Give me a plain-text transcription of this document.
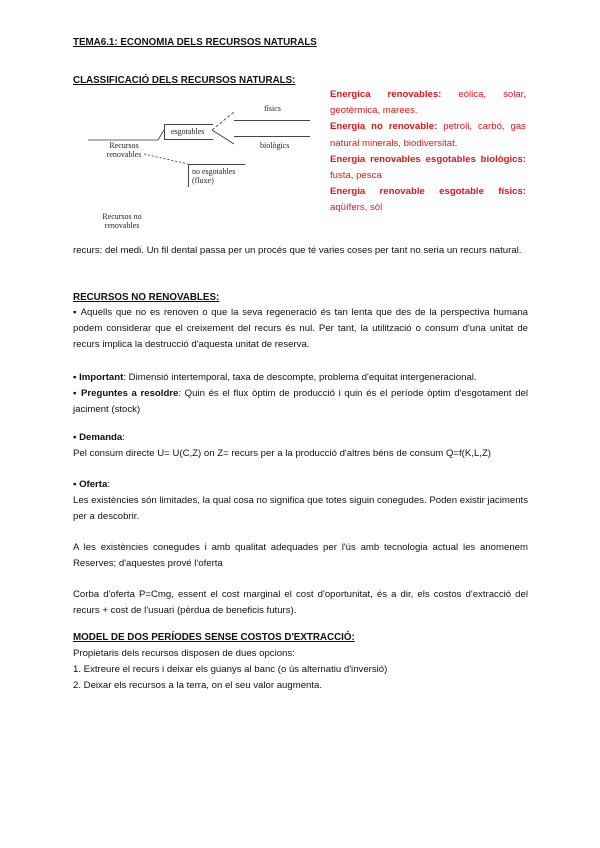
TEMA6.1: ECONOMIA DELS RECURSOS NATURALS
CLASSIFICACIÓ DELS RECURSOS NATURALS:
físics
esgotables
biològics
Recursos renovables
no esgotables (fluxe)
Recursos no renovables

Energica renovables: eòlica, solar, geotèrmica, marees.

Energia no renovable: petroli, carbó, gas natural minerals, biodiversitat.

Energia renovables esgotables biològics: fusta, pesca

Energia renovable esgotable físics: aqüífers, sòl

recurs: del medi. Un fil dental passa per un procés que té varies coses per tant no seria un recurs natural.
RECURSOS NO RENOVABLES:
▪ Aquells que no es renoven o que la seva regeneració és tan lenta que des de la perspectiva humana podem considerar que el creixement del recurs és nul. Per tant, la utilització o consum d'una unitat de recurs implica la destrucció d'aquesta unitat de reserva.
▪ Important: Dimensió intertemporal, taxa de descompte, problema d'equitat intergeneracional.
▪ Preguntes a resoldre: Quin és el flux òptim de producció i quin és el període òptim d'esgotament del jaciment (stock)

▪ Demanda:

Pel consum directe U= U(C,Z) on Z= recurs per a la producció d'altres béns de consum Q=f(K,L,Z)

▪ Oferta:

Les existències són limitades, la qual cosa no significa que totes siguin conegudes. Poden existir jaciments per a descobrir.

A les existències conegudes i amb qualitat adequades per l'ús amb tecnologia actual les anomenem Reserves; d'aquestes prové l'oferta
Corba d'oferta P=Cmg, essent el cost marginal el cost d'oportunitat, és a dir, els costos d'extracció del recurs + cost de l'usuari (pèrdua de beneficis futurs).
MODEL DE DOS PERÍODES SENSE COSTOS D'EXTRACCIÓ:

Propietaris dels recursos disposen de dues opcions:

1. Extreure el recurs i deixar els guanys al banc (o ús alternatiu d'inversió)

2. Deixar els recursos a la terra, on el seu valor augmenta.
